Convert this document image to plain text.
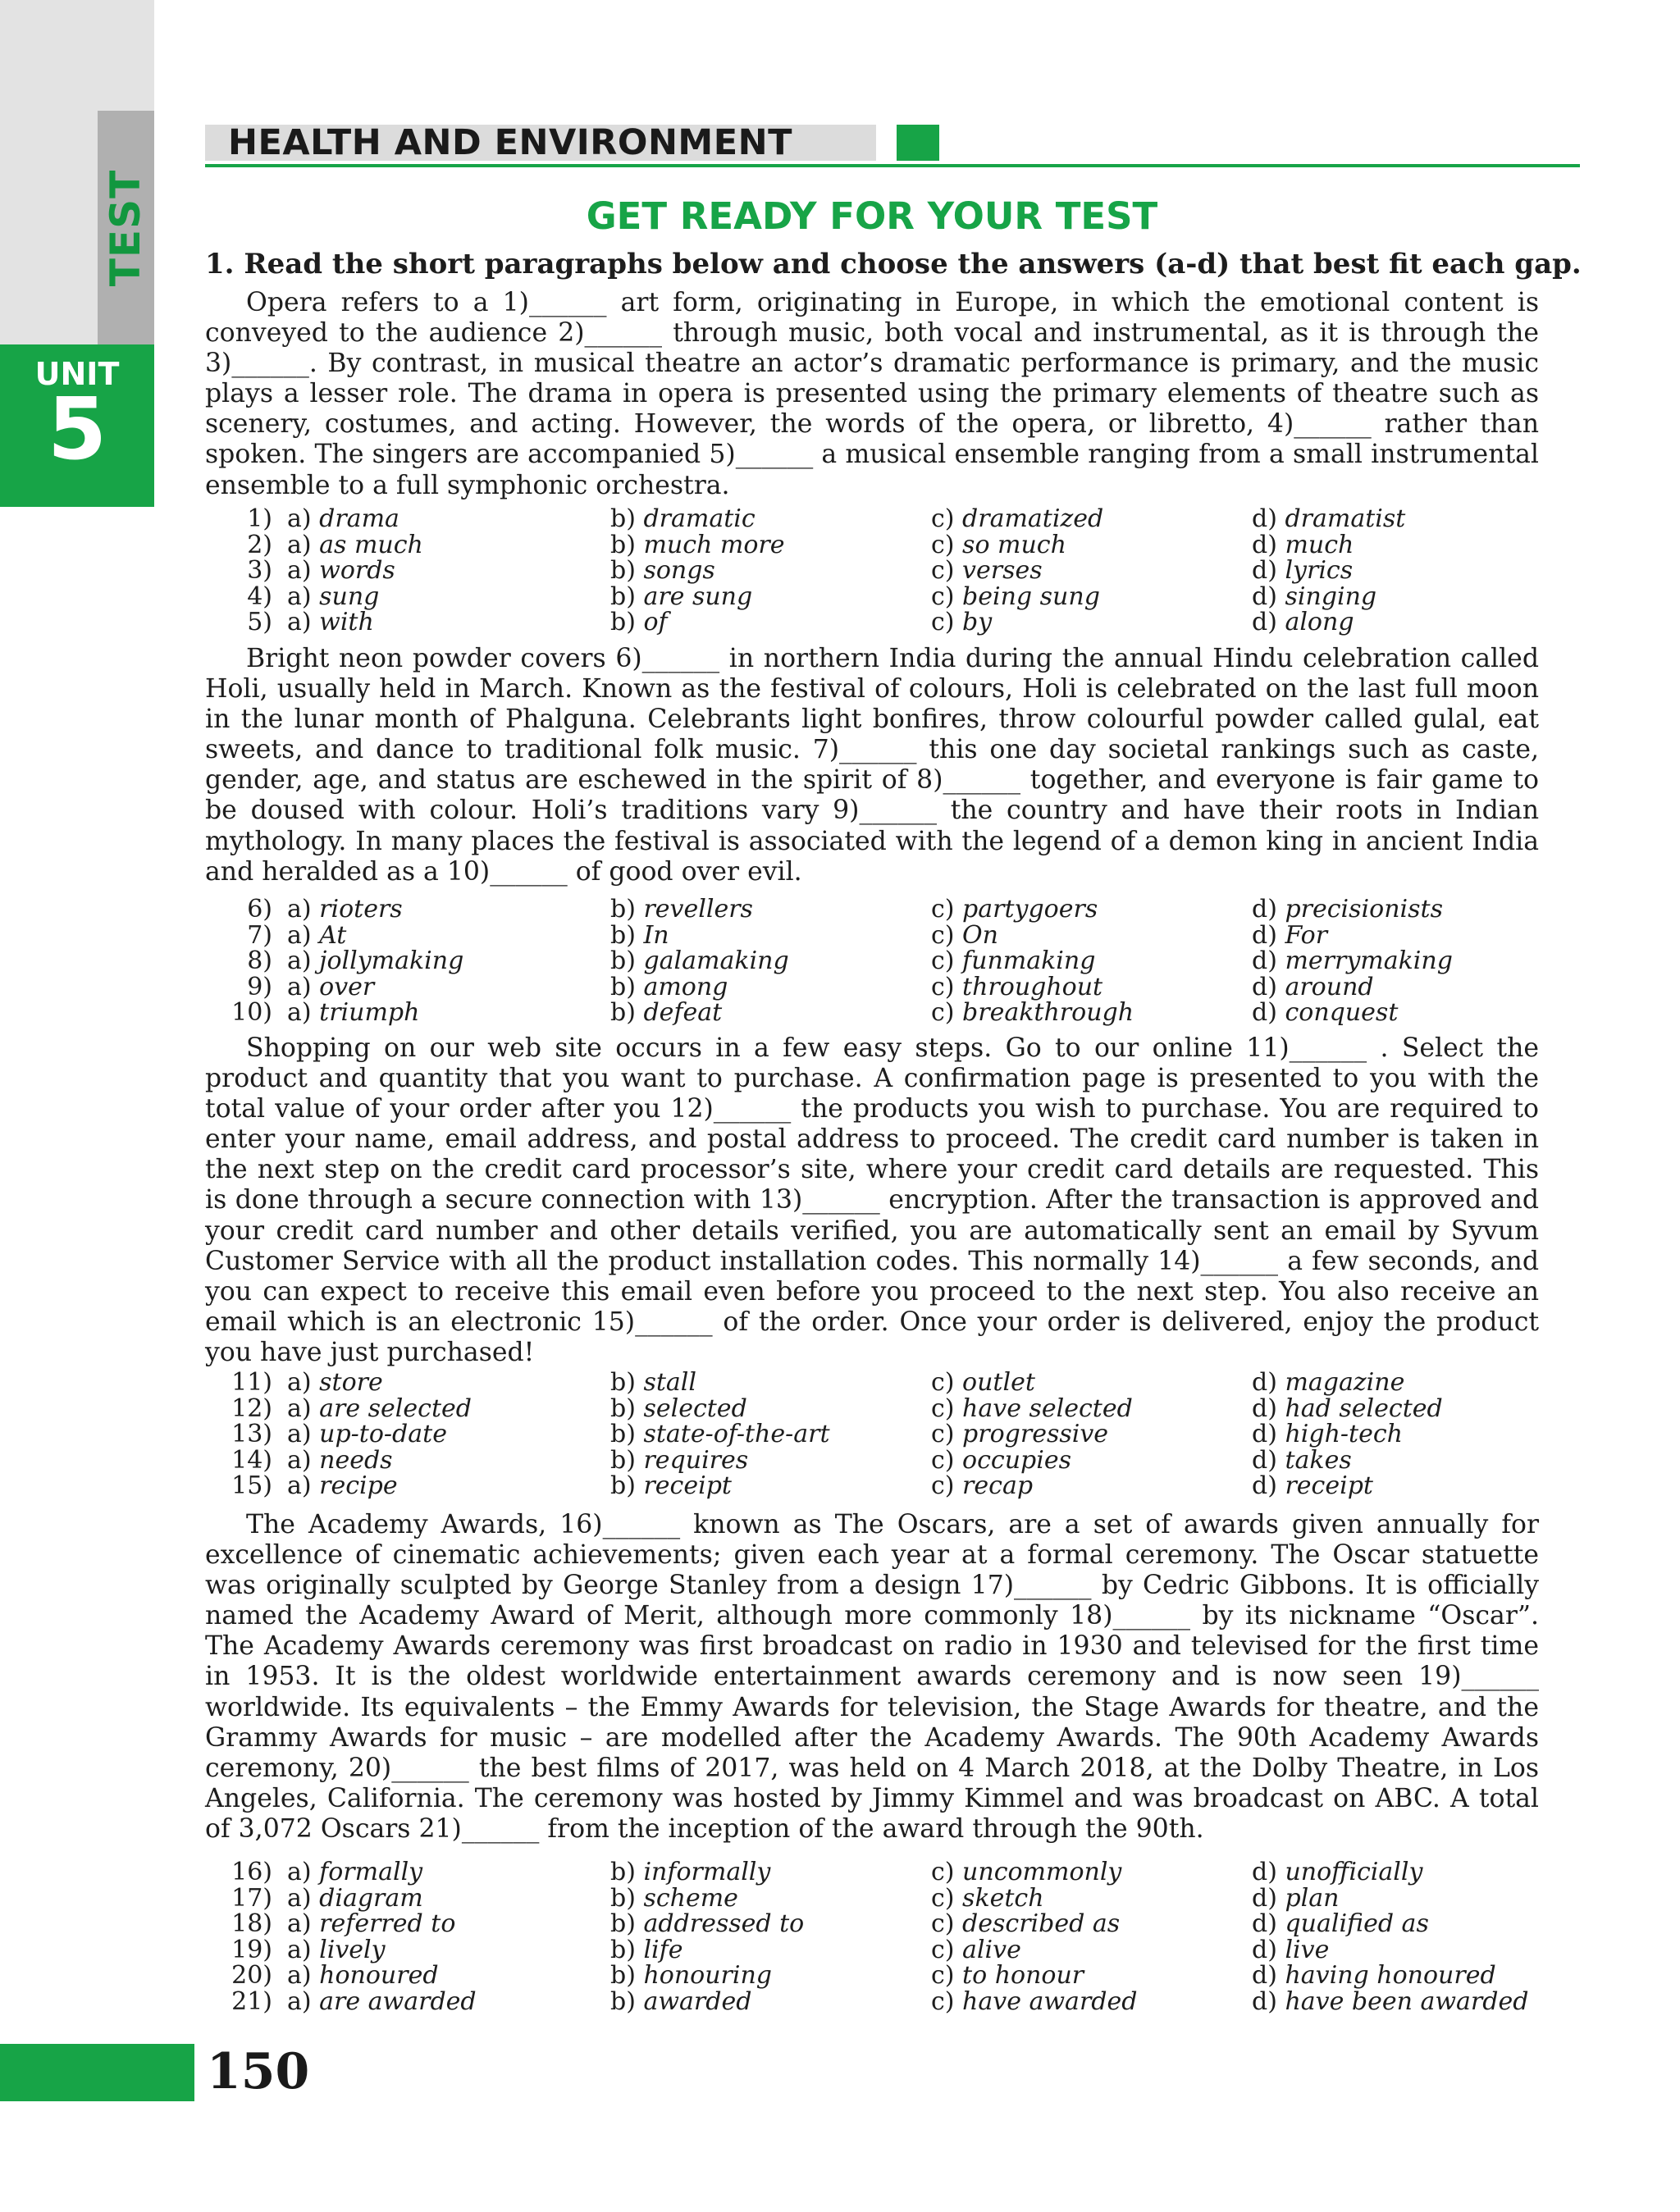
TEST
UNIT
5
HEALTH AND ENVIRONMENT
GET READY FOR YOUR TEST
1. Read the short paragraphs below and choose the answers (a-d) that best fit each gap.

Opera refers to a 1)______ art form, originating in Europe, in which the emotional content is conveyed to the audience 2)______ through music, both vocal and instrumental, as it is through the 3)______. By contrast, in musical theatre an actor’s dramatic performance is primary, and the music plays a lesser role. The drama in opera is presented using the primary elements of theatre such as scenery, costumes, and acting. However, the words of the opera, or libretto, 4)______ rather than spoken. The singers are accompanied 5)______ a musical ensemble ranging from a small instrumental ensemble to a full symphonic orchestra.

1) a) drama	b) dramatic	c) dramatized	d) dramatist
2) a) as much	b) much more	c) so much	d) much
3) a) words	b) songs	c) verses	d) lyrics
4) a) sung	b) are sung	c) being sung	d) singing
5) a) with	b) of	c) by	d) along

Bright neon powder covers 6)______ in northern India during the annual Hindu celebration called Holi, usually held in March. Known as the festival of colours, Holi is celebrated on the last full moon in the lunar month of Phalguna. Celebrants light bonfires, throw colourful powder called gulal, eat sweets, and dance to traditional folk music. 7)______ this one day societal rankings such as caste, gender, age, and status are eschewed in the spirit of 8)______ together, and everyone is fair game to be doused with colour. Holi’s traditions vary 9)______ the country and have their roots in Indian mythology. In many places the festival is associated with the legend of a demon king in ancient India and heralded as a 10)______ of good over evil.

6) a) rioters	b) revellers	c) partygoers	d) precisionists
7) a) At	b) In	c) On	d) For
8) a) jollymaking	b) galamaking	c) funmaking	d) merrymaking
9) a) over	b) among	c) throughout	d) around
10) a) triumph	b) defeat	c) breakthrough	d) conquest

Shopping on our web site occurs in a few easy steps. Go to our online 11)______ . Select the product and quantity that you want to purchase. A confirmation page is presented to you with the total value of your order after you 12)______ the products you wish to purchase. You are required to enter your name, email address, and postal address to proceed. The credit card number is taken in the next step on the credit card processor’s site, where your credit card details are requested. This is done through a secure connection with 13)______ encryption. After the transaction is approved and your credit card number and other details verified, you are automatically sent an email by Syvum Customer Service with all the product installation codes. This normally 14)______ a few seconds, and you can expect to receive this email even before you proceed to the next step. You also receive an email which is an electronic 15)______ of the order. Once your order is delivered, enjoy the product you have just purchased!

11) a) store	b) stall	c) outlet	d) magazine
12) a) are selected	b) selected	c) have selected	d) had selected
13) a) up-to-date	b) state-of-the-art	c) progressive	d) high-tech
14) a) needs	b) requires	c) occupies	d) takes
15) a) recipe	b) receipt	c) recap	d) receipt

The Academy Awards, 16)______ known as The Oscars, are a set of awards given annually for excellence of cinematic achievements; given each year at a formal ceremony. The Oscar statuette was originally sculpted by George Stanley from a design 17)______ by Cedric Gibbons. It is officially named the Academy Award of Merit, although more commonly 18)______ by its nickname “Oscar”. The Academy Awards ceremony was first broadcast on radio in 1930 and televised for the first time in 1953. It is the oldest worldwide entertainment awards ceremony and is now seen 19)______ worldwide. Its equivalents – the Emmy Awards for television, the Stage Awards for theatre, and the Grammy Awards for music – are modelled after the Academy Awards. The 90th Academy Awards ceremony, 20)______ the best films of 2017, was held on 4 March 2018, at the Dolby Theatre, in Los Angeles, California. The ceremony was hosted by Jimmy Kimmel and was broadcast on ABC. A total of 3,072 Oscars 21)______ from the inception of the award through the 90th.

16) a) formally	b) informally	c) uncommonly	d) unofficially
17) a) diagram	b) scheme	c) sketch	d) plan
18) a) referred to	b) addressed to	c) described as	d) qualified as
19) a) lively	b) life	c) alive	d) live
20) a) honoured	b) honouring	c) to honour	d) having honoured
21) a) are awarded	b) awarded	c) have awarded	d) have been awarded
150
